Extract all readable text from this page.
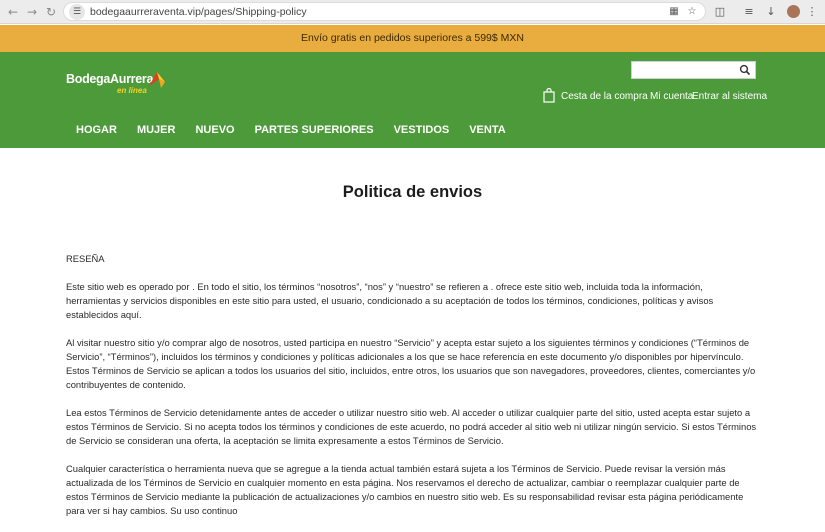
← → ↻	☰ bodegaaurreraventa.vip/pages/Shipping-policy	▦ ☆ ◫	≡	↓	⋮
Envío gratis en pedidos superiores a 599$ MXN
BodegaAurrera
en línea
Cesta de la compra Mi cuenta
Entrar al sistema
HOGAR	MUJER	NUEVO	PARTES SUPERIORES	VESTIDOS	VENTA
Politica de envios

RESEÑA

Este sitio web es operado por . En todo el sitio, los términos “nosotros”, “nos” y “nuestro” se refieren a . ofrece este sitio web, incluida toda la información, herramientas y servicios disponibles en este sitio para usted, el usuario, condicionado a su aceptación de todos los términos, condiciones, políticas y avisos establecidos aquí.

Al visitar nuestro sitio y/o comprar algo de nosotros, usted participa en nuestro “Servicio” y acepta estar sujeto a los siguientes términos y condiciones (“Términos de Servicio”, “Términos”), incluidos los términos y condiciones y políticas adicionales a los que se hace referencia en este documento y/o disponibles por hipervínculo. Estos Términos de Servicio se aplican a todos los usuarios del sitio, incluidos, entre otros, los usuarios que son navegadores, proveedores, clientes, comerciantes y/o contribuyentes de contenido.

Lea estos Términos de Servicio detenidamente antes de acceder o utilizar nuestro sitio web. Al acceder o utilizar cualquier parte del sitio, usted acepta estar sujeto a estos Términos de Servicio. Si no acepta todos los términos y condiciones de este acuerdo, no podrá acceder al sitio web ni utilizar ningún servicio. Si estos Términos de Servicio se consideran una oferta, la aceptación se limita expresamente a estos Términos de Servicio.

Cualquier característica o herramienta nueva que se agregue a la tienda actual también estará sujeta a los Términos de Servicio. Puede revisar la versión más actualizada de los Términos de Servicio en cualquier momento en esta página. Nos reservamos el derecho de actualizar, cambiar o reemplazar cualquier parte de estos Términos de Servicio mediante la publicación de actualizaciones y/o cambios en nuestro sitio web. Es su responsabilidad revisar esta página periódicamente para ver si hay cambios. Su uso continuo
